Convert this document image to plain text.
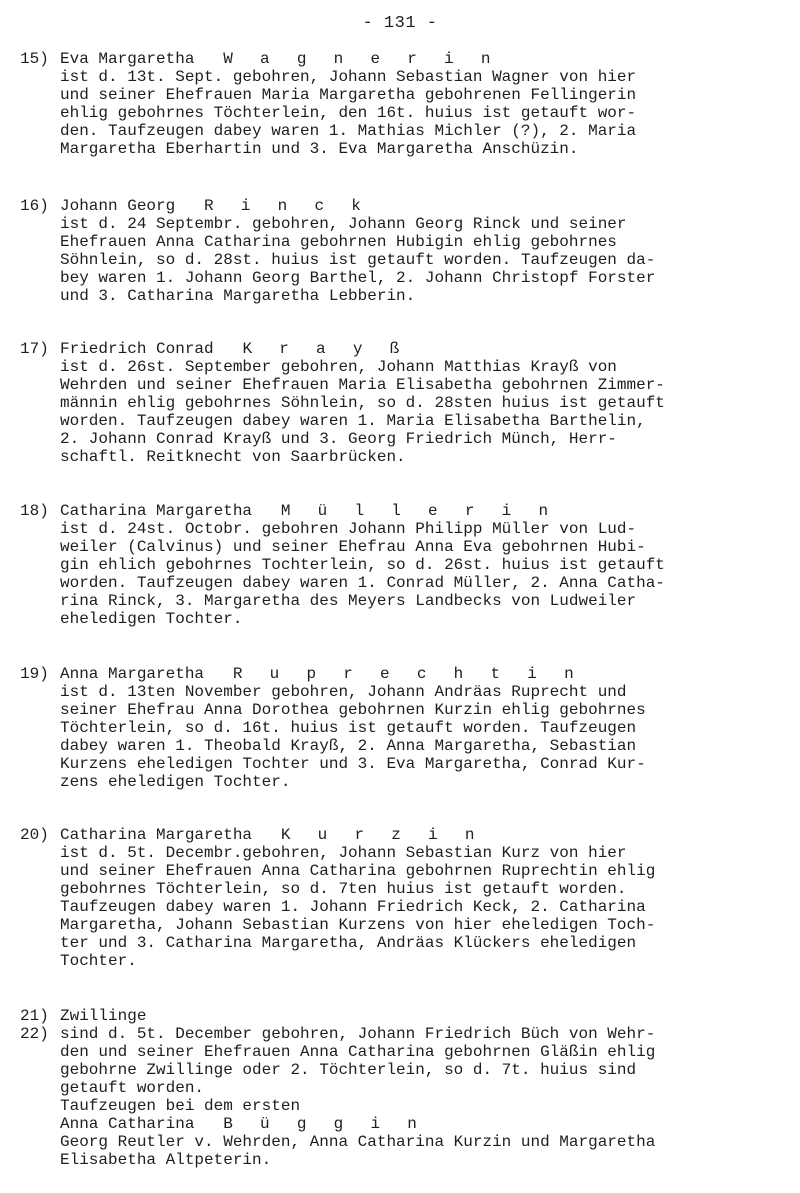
- 131 -
15) Eva Margaretha W a g n e r i n
ist d. 13t. Sept. gebohren, Johann Sebastian Wagner von hier
und seiner Ehefrauen Maria Margaretha gebohrenen Fellingerin
ehlig gebohrnes Töchterlein, den 16t. huius ist getauft wor-
den. Taufzeugen dabey waren 1. Mathias Michler (?), 2. Maria
Margaretha Eberhartin und 3. Eva Margaretha Anschüzin.
16) Johann Georg R i n c k
ist d. 24 Septembr. gebohren, Johann Georg Rinck und seiner
Ehefrauen Anna Catharina gebohrnen Hubigin ehlig gebohrnes
Söhnlein, so d. 28st. huius ist getauft worden. Taufzeugen da-
bey waren 1. Johann Georg Barthel, 2. Johann Christopf Forster
und 3. Catharina Margaretha Lebberin.
17) Friedrich Conrad K r a y ß
ist d. 26st. September gebohren, Johann Matthias Krayß von
Wehrden und seiner Ehefrauen Maria Elisabetha gebohrnen Zimmer-
männin ehlig gebohrnes Söhnlein, so d. 28sten huius ist getauft
worden. Taufzeugen dabey waren 1. Maria Elisabetha Barthelin,
2. Johann Conrad Krayß und 3. Georg Friedrich Münch, Herr-
schaftl. Reitknecht von Saarbrücken.
18) Catharina Margaretha M ü l l e r i n
ist d. 24st. Octobr. gebohren Johann Philipp Müller von Lud-
weiler (Calvinus) und seiner Ehefrau Anna Eva gebohrnen Hubi-
gin ehlich gebohrnes Tochterlein, so d. 26st. huius ist getauft
worden. Taufzeugen dabey waren 1. Conrad Müller, 2. Anna Catha-
rina Rinck, 3. Margaretha des Meyers Landbecks von Ludweiler
eheledigen Tochter.
19) Anna Margaretha R u p r e c h t i n
ist d. 13ten November gebohren, Johann Andräas Ruprecht und
seiner Ehefrau Anna Dorothea gebohrnen Kurzin ehlig gebohrnes
Töchterlein, so d. 16t. huius ist getauft worden. Taufzeugen
dabey waren 1. Theobald Krayß, 2. Anna Margaretha, Sebastian
Kurzens eheledigen Tochter und 3. Eva Margaretha, Conrad Kur-
zens eheledigen Tochter.
20) Catharina Margaretha K u r z i n
ist d. 5t. Decembr.gebohren, Johann Sebastian Kurz von hier
und seiner Ehefrauen Anna Catharina gebohrnen Ruprechtin ehlig
gebohrnes Töchterlein, so d. 7ten huius ist getauft worden.
Taufzeugen dabey waren 1. Johann Friedrich Keck, 2. Catharina
Margaretha, Johann Sebastian Kurzens von hier eheledigen Toch-
ter und 3. Catharina Margaretha, Andräas Klückers eheledigen
Tochter.
21) Zwillinge
22) sind d. 5t. December gebohren, Johann Friedrich Büch von Wehr-
den und seiner Ehefrauen Anna Catharina gebohrnen Gläßin ehlig
gebohrne Zwillinge oder 2. Töchterlein, so d. 7t. huius sind
getauft worden.
Taufzeugen bei dem ersten
Anna Catharina B ü g g i n
Georg Reutler v. Wehrden, Anna Catharina Kurzin und Margaretha
Elisabetha Altpeterin.
